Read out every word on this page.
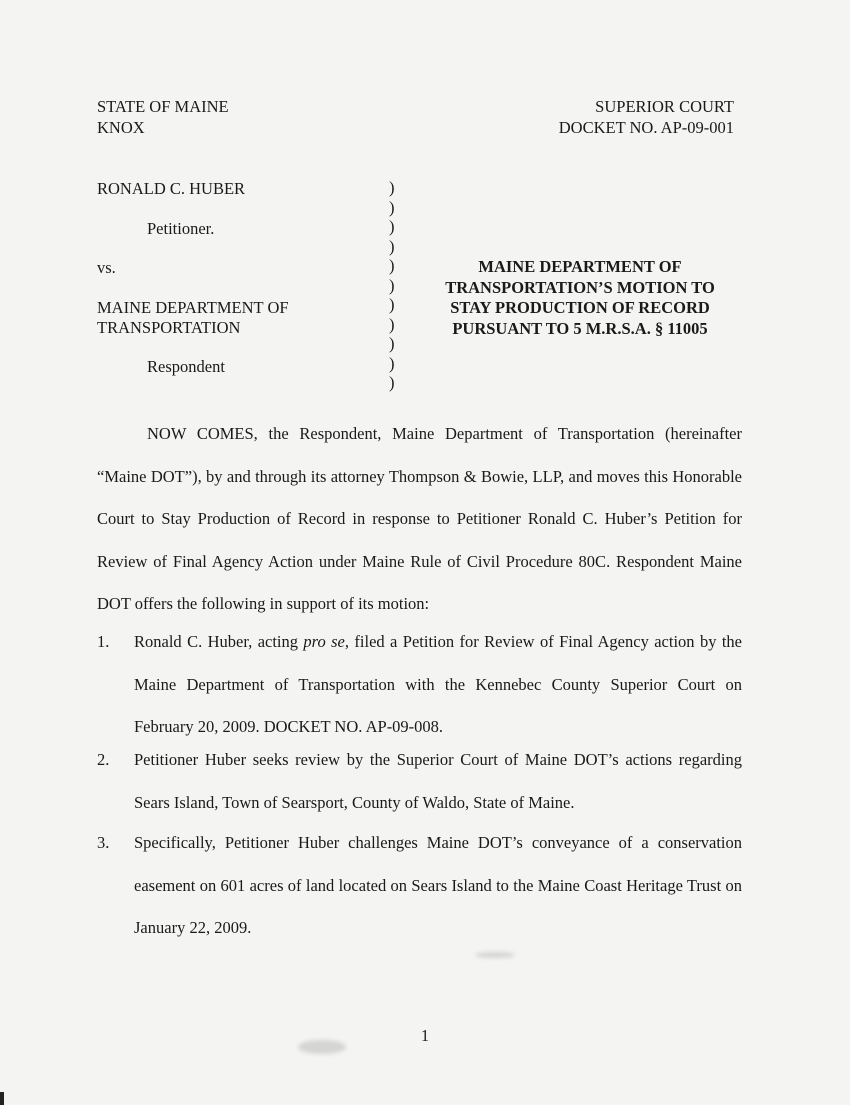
STATE OF MAINE
KNOX
SUPERIOR COURT
DOCKET NO. AP-09-001
RONALD C. HUBER
Petitioner.
vs.
MAINE DEPARTMENT OF
TRANSPORTATION
Respondent
)
)
)
)
)
)
)
)
)
)
)
MAINE DEPARTMENT OF
TRANSPORTATION’S MOTION TO
STAY PRODUCTION OF RECORD
PURSUANT TO 5 M.R.S.A. § 11005
NOW COMES, the Respondent, Maine Department of Transportation (hereinafter “Maine DOT”), by and through its attorney Thompson & Bowie, LLP, and moves this Honorable Court to Stay Production of Record in response to Petitioner Ronald C. Huber’s Petition for Review of Final Agency Action under Maine Rule of Civil Procedure 80C. Respondent Maine DOT offers the following in support of its motion:
1. Ronald C. Huber, acting pro se, filed a Petition for Review of Final Agency action by the Maine Department of Transportation with the Kennebec County Superior Court on February 20, 2009. DOCKET NO. AP-09-008.
2. Petitioner Huber seeks review by the Superior Court of Maine DOT’s actions regarding Sears Island, Town of Searsport, County of Waldo, State of Maine.
3. Specifically, Petitioner Huber challenges Maine DOT’s conveyance of a conservation easement on 601 acres of land located on Sears Island to the Maine Coast Heritage Trust on January 22, 2009.
1
